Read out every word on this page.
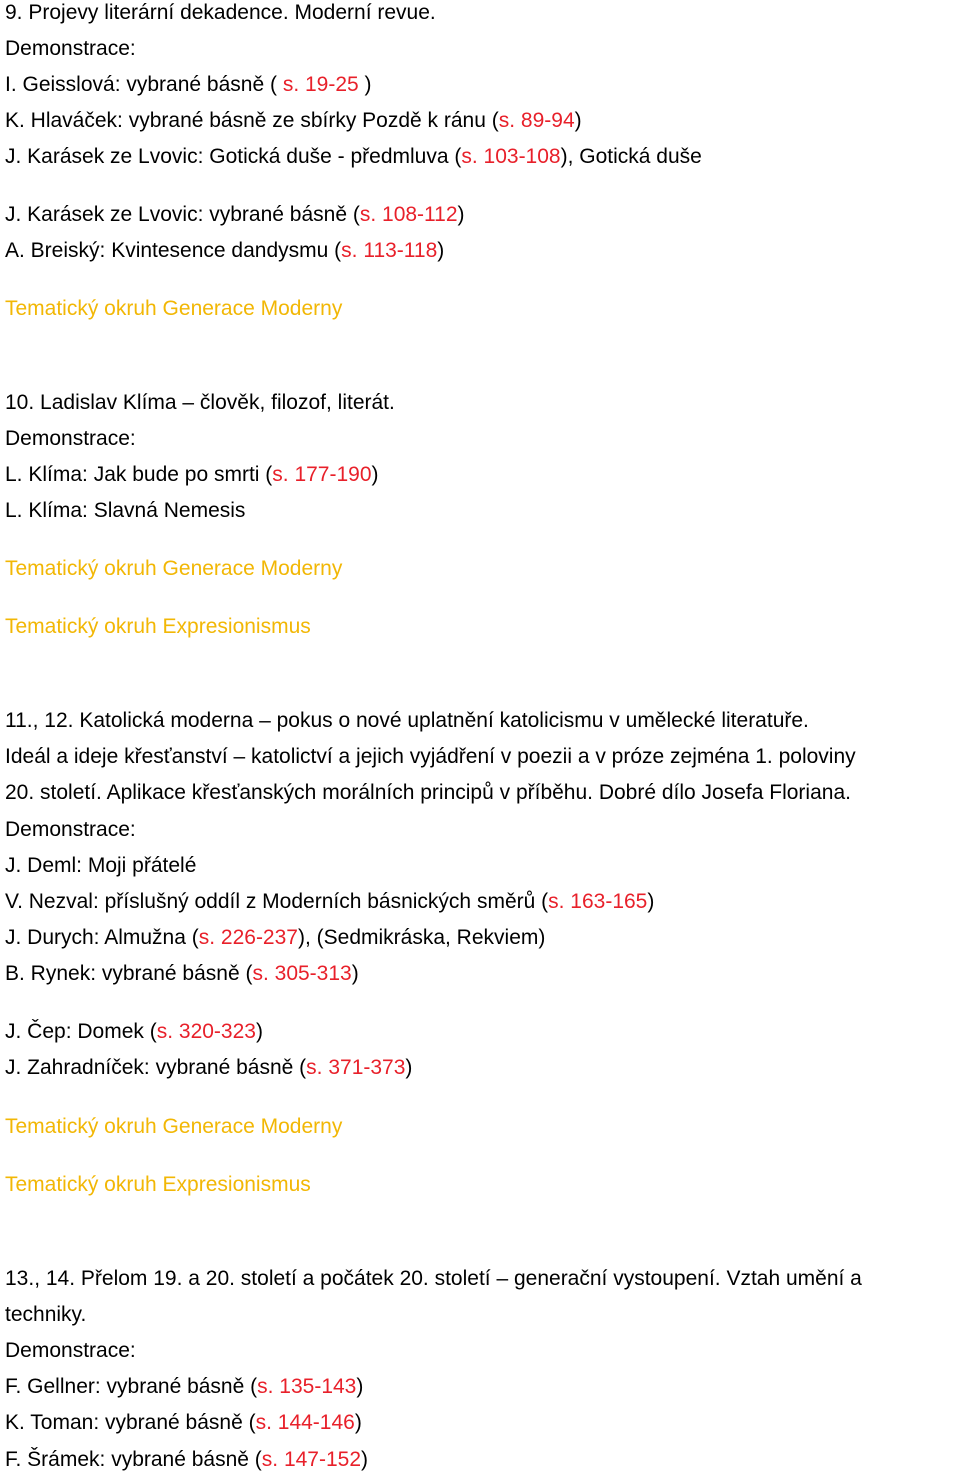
9. Projevy literární dekadence. Moderní revue.
Demonstrace:
I. Geisslová: vybrané básně ( s. 19-25 )
K. Hlaváček: vybrané básně ze sbírky Pozdě k ránu (s. 89-94)
J. Karásek ze Lvovic: Gotická duše - předmluva (s. 103-108), Gotická duše
J. Karásek ze Lvovic: vybrané básně (s. 108-112)
A. Breiský: Kvintesence dandysmu (s. 113-118)
Tematický okruh Generace Moderny
10. Ladislav Klíma – člověk, filozof, literát.
Demonstrace:
L. Klíma: Jak bude po smrti (s. 177-190)
L. Klíma: Slavná Nemesis
Tematický okruh Generace Moderny
Tematický okruh Expresionismus
11., 12. Katolická moderna – pokus o nové uplatnění katolicismu v umělecké literatuře.
Ideál a ideje křesťanství – katolictví a jejich vyjádření v poezii a v próze zejména 1. poloviny
20. století. Aplikace křesťanských morálních principů v příběhu. Dobré dílo Josefa Floriana.
Demonstrace:
J. Deml: Moji přátelé
V. Nezval: příslušný oddíl z Moderních básnických směrů (s. 163-165)
J. Durych: Almužna (s. 226-237), (Sedmikráska, Rekviem)
B. Rynek: vybrané básně (s. 305-313)
J. Čep: Domek (s. 320-323)
J. Zahradníček: vybrané básně (s. 371-373)
Tematický okruh Generace Moderny
Tematický okruh Expresionismus
13., 14. Přelom 19. a 20. století a počátek 20. století – generační vystoupení. Vztah umění a
techniky.
Demonstrace:
F. Gellner: vybrané básně (s. 135-143)
K. Toman: vybrané básně (s. 144-146)
F. Šrámek: vybrané básně (s. 147-152)
